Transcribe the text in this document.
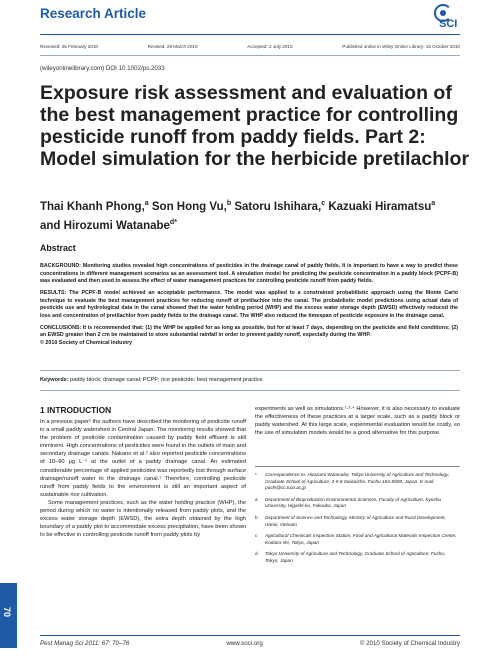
Research Article
SCI
Received: 25 February 2010	Revised: 28 March 2010	Accepted: 2 July 2010	Published online in Wiley Online Library: 15 October 2010
(wileyonlinelibrary.com) DOI 10.1002/ps.2033
Exposure risk assessment and evaluation of the best management practice for controlling pesticide runoff from paddy fields. Part 2: Model simulation for the herbicide pretilachlor
Thai Khanh Phong,$^a$ Son Hong Vu,$^b$ Satoru Ishihara,$^c$ Kazuaki Hiramatsu$^a$
and Hirozumi Watanabe$^{d*}$
Abstract

BACKGROUND: Monitoring studies revealed high concentrations of pesticides in the drainage canal of paddy fields. It is important to have a way to predict these concentrations in different management scenarios as an assessment tool. A simulation model for predicting the pesticide concentration in a paddy block (PCPF-B) was evaluated and then used to assess the effect of water management practices for controlling pesticide runoff from paddy fields.

RESULTS: The PCPF-B model achieved an acceptable performance. The model was applied to a constrained probabilistic approach using the Monte Carlo technique to evaluate the best management practices for reducing runoff of pretilachlor into the canal. The probabilistic model predictions using actual data of pesticide use and hydrological data in the canal showed that the water holding period (WHP) and the excess water storage depth (EWSD) effectively reduced the loss and concentration of pretilachlor from paddy fields to the drainage canal. The WHP also reduced the timespan of pesticide exposure in the drainage canal.

CONCLUSIONS: It is recommended that: (1) the WHP be applied for as long as possible, but for at least 7 days, depending on the pesticide and field conditions; (2) an EWSD greater than 2 cm be maintained to store substantial rainfall in order to prevent paddy runoff, especially during the WHP.

© 2010 Society of Chemical Industry
Keywords: paddy block; drainage canal; PCPF; rice pesticide; best management practice
1 INTRODUCTION

In a previous paper¹ the authors have described the monitoring of pesticide runoff in a small paddy watershed in Central Japan. The monitoring results showed that the problem of pesticide contamination caused by paddy field effluent is still imminent. High concentrations of pesticides were found in the outlets of main and secondary drainage canals. Nakano et al.² also reported pesticide concentrations of 10–90 μg L⁻¹ at the outlet of a paddy drainage canal. An estimated considerable percentage of applied pesticides was reportedly lost through surface drainage/runoff water to the drainage canal.¹ Therefore, controlling pesticide runoff from paddy fields to the environment is still an important aspect of sustainable rice cultivation.

Some management practices, such as the water holding practice (WHP), the period during which no water is intentionally released from paddy plots, and the excess water storage depth (EWSD), the extra depth obtained by the high boundary of a paddy plot to accommodate excess precipitation, have been shown to be effective in controlling pesticide runoff from paddy plots by

experiments as well as simulations.¹·³·⁴ However, it is also necessary to evaluate the effectiveness of these practices at a larger scale, such as a paddy block or paddy watershed. At this large scale, experimental evaluation would be costly, so the use of simulation models would be a good alternative for this purpose.

*	Correspondence to: Hirozumi Watanabe, Tokyo University of Agriculture and Technology, Graduate School of Agriculture, 3-5-8 Saiwaicho, Fuchu 183-8509, Japan. E-mail: pochi@cc.tuat.ac.jp
a	Department of Bioproduction Environmental Sciences, Faculty of Agriculture, Kyushu University, Higashi-ku, Fukuoka, Japan
b	Department of Science and Technology, Ministry of Agriculture and Rural Development, Hanoi, Vietnam
c	Agricultural Chemicals Inspection Station, Food and Agricultural Materials Inspection Center, Kodaira-shi, Tokyo, Japan
d	Tokyo University of Agriculture and Technology, Graduate School of Agriculture, Fuchu, Tokyo, Japan
70
Pest Manag Sci 2011; 67: 70–76	www.soci.org	© 2010 Society of Chemical Industry
